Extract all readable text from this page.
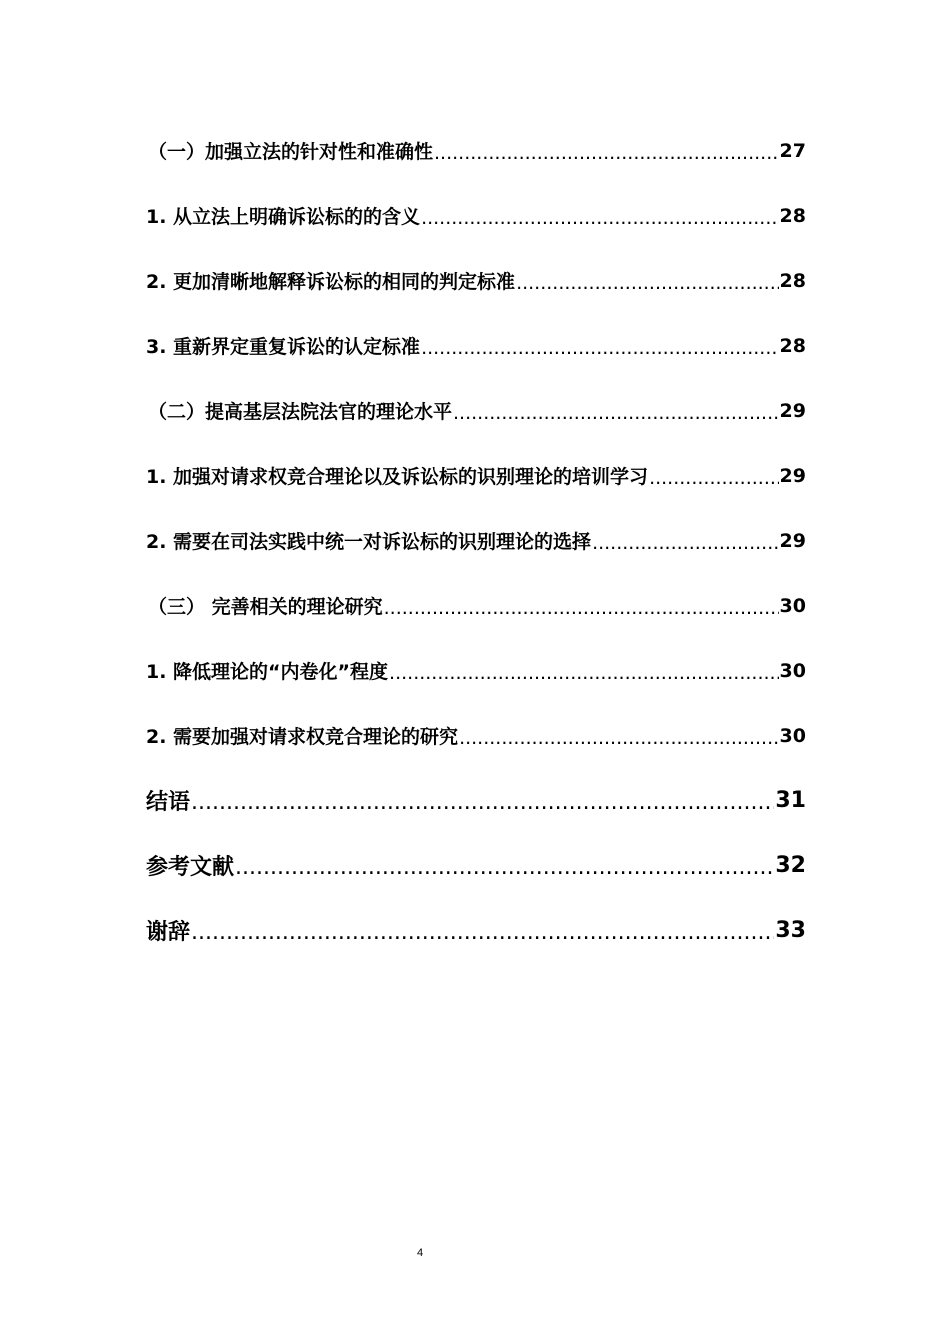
（一）加强立法的针对性和准确性 .....	27
1. 从立法上明确诉讼标的的含义 .....	28
2. 更加清晰地解释诉讼标的相同的判定标准 .....	28
3. 重新界定重复诉讼的认定标准 .....	28
（二）提高基层法院法官的理论水平 .....	29
1. 加强对请求权竞合理论以及诉讼标的识别理论的培训学习 .....	29
2. 需要在司法实践中统一对诉讼标的识别理论的选择 .....	29
（三） 完善相关的理论研究 .....	30
1. 降低理论的“内卷化”程度 .....	30
2. 需要加强对请求权竞合理论的研究 .....	30
结语 .....	31
参考文献 .....	32
谢辞 .....	33
4
